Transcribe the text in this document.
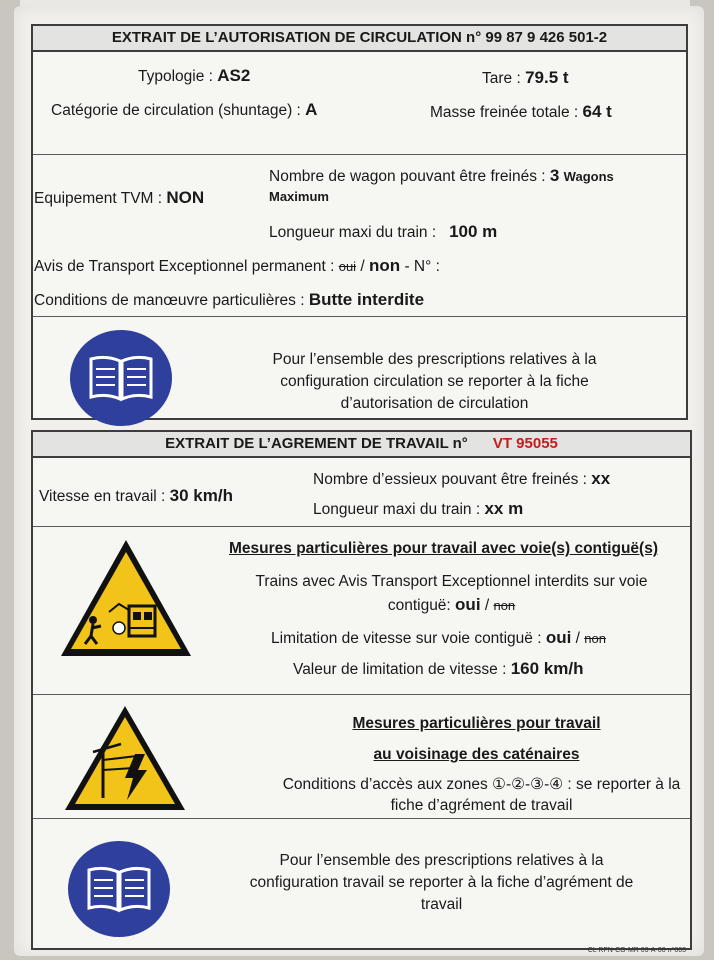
EXTRAIT DE L’AUTORISATION DE CIRCULATION n° 99 87 9 426 501-2
Typologie : AS2	Tare : 79.5 t
Catégorie de circulation (shuntage) : A	Masse freinée totale : 64 t
Equipement TVM : NON
Nombre de wagon pouvant être freinés : 3 Wagons
Maximum
Longueur maxi du train :   100 m
Avis de Transport Exceptionnel permanent : oui / non - N° :
Conditions de manœuvre particulières : Butte interdite
Pour l’ensemble des prescriptions relatives à la
configuration circulation se reporter à la fiche
d’autorisation de circulation
EXTRAIT DE L’AGREMENT DE TRAVAIL n° VT 95055
Vitesse en travail : 30 km/h
Nombre d’essieux pouvant être freinés : xx
Longueur maxi du train : xx m
Mesures particulières pour travail avec voie(s) contiguë(s)
Trains avec Avis Transport Exceptionnel interdits sur voie
contiguë: oui / non
Limitation de vitesse sur voie contiguë : oui / non
Valeur de limitation de vitesse : 160 km/h
Mesures particulières pour travail
au voisinage des caténaires
Conditions d’accès aux zones ①-②-③-④ : se reporter à la
fiche d’agrément de travail
Pour l’ensemble des prescriptions relatives à la
configuration travail se reporter à la fiche d’agrément de
travail
CL RFN-CG-MR 03-A-00 n°003
